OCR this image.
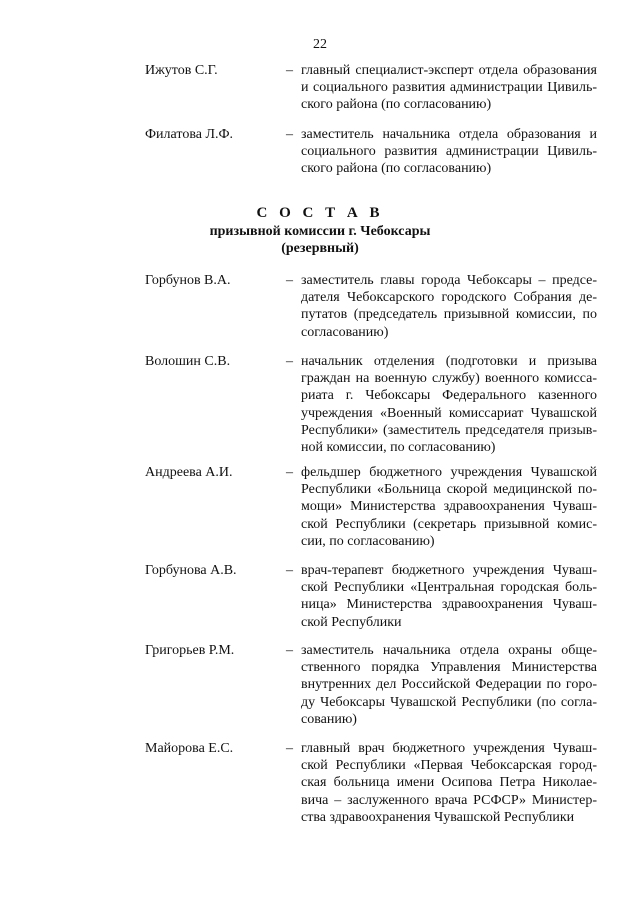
22
Ижутов С.Г.	– главный специалист-эксперт отдела образования
и социального развития администрации Цивиль-
ского района (по согласованию)
Филатова Л.Ф.	– заместитель начальника отдела образования и
социального развития администрации Цивиль-
ского района (по согласованию)
С О С Т А В
призывной комиссии г. Чебоксары
(резервный)
Горбунов В.А.	– заместитель главы города Чебоксары – предсе-
дателя Чебоксарского городского Собрания де-
путатов (председатель призывной комиссии, по
согласованию)
Волошин С.В.	– начальник отделения (подготовки и призыва
граждан на военную службу) военного комисса-
риата г. Чебоксары Федерального казенного
учреждения «Военный комиссариат Чувашской
Республики» (заместитель председателя призыв-
ной комиссии, по согласованию)
Андреева А.И.	– фельдшер бюджетного учреждения Чувашской
Республики «Больница скорой медицинской по-
мощи» Министерства здравоохранения Чуваш-
ской Республики (секретарь призывной комис-
сии, по согласованию)
Горбунова А.В.	– врач-терапевт бюджетного учреждения Чуваш-
ской Республики «Центральная городская боль-
ница» Министерства здравоохранения Чуваш-
ской Республики
Григорьев Р.М.	– заместитель начальника отдела охраны обще-
ственного порядка Управления Министерства
внутренних дел Российской Федерации по горо-
ду Чебоксары Чувашской Республики (по согла-
сованию)
Майорова Е.С.	– главный врач бюджетного учреждения Чуваш-
ской Республики «Первая Чебоксарская город-
ская больница имени Осипова Петра Николае-
вича – заслуженного врача РСФСР» Министер-
ства здравоохранения Чувашской Республики
